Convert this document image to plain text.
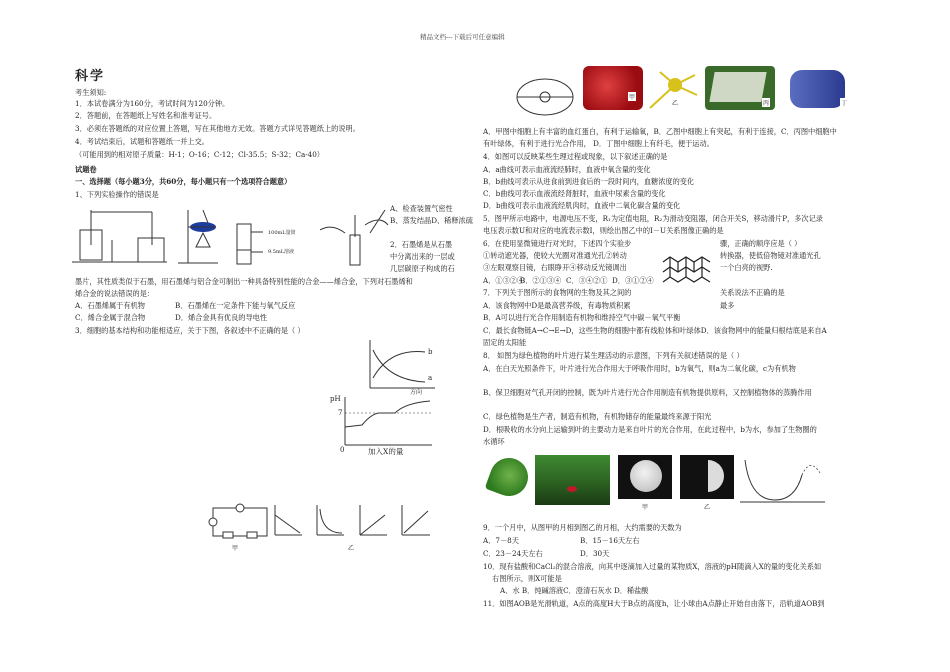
精品文档---下载后可任意编辑
科学
考生须知:
1．本试卷满分为160分，考试时间为120分钟。
2．答题前，在答题纸上写姓名和准考证号。
3．必须在答题纸的对应位置上答题，写在其他地方无效。答题方式详见答题纸上的说明。
4．考试结束后，试题和答题纸一并上交。
（可能用到的相对原子质量：H-1；O-16；C-12；Cl-35.5；S-32；Ca-40）
试题卷
一、选择题（每小题3分，共60分，每小题只有一个选项符合题意）
1、下列实验操作的错误是
100mL量筒
9.5mL溶液
A、检查装置气密性
B、蒸发结晶D、稀释浓硫
2．石墨烯是从石墨
中分离出来的一层或
几层碳原子构成的石
墨片，其性质类似于石墨，用石墨烯与铝合金可制出一种具备特别性能的合金——烯合金，下列对石墨烯和
烯合金的说法错误的是：
A．石墨烯属于有机物	B．石墨烯在一定条件下能与氧气反应
C．烯合金属于混合物	D．烯合金具有优良的导电性
3．细胞的基本结构和功能相适应，关于下图，各叙述中不正确的是（ ）
b
a
方向
pH
7
0	加入X的量
甲	乙
甲
乙	丙	丁
A．甲图中细胞上有丰富的血红蛋白，有利于运输氧，B．乙图中细胞上有突起，有利于连接，C．丙图中细胞中
有叶绿体，有利于进行光合作用， D．丁图中细胞上有纤毛，便于运动。
4．如图可以反映某些生理过程或现象，以下叙述正确的是
A．a曲线可表示血液流经肺时，血液中氧含量的变化
B．b曲线可表示从进食前到进食后的一段时间内，血糖浓度的变化
C．b曲线可表示血液流经肾脏时，血液中尿素含量的变化
D．b曲线可表示血液流经肌肉时，血液中二氧化碳含量的变化
5．图甲所示电路中，电源电压不变，R₁为定值电阻，R₂为滑动变阻器，闭合开关S，移动滑片P，多次记录
电压表示数U和对应的电流表示数I，则绘出图乙中的I－U关系图像正确的是
6．在使用显微镜进行对光时，下述四个实验步
①转动遮光器，使较大光圈对准通光孔②转动
③左眼观察目镜，右眼睁开④移动反光镜调出
骤，正确的顺序应是（ ）
转换器，使低倍物镜对准通光孔
一个白亮的视野.
A．①③②④
B．②①③④ C．③④②① D．③①②④
7．下列关于图所示的食物网的生物及其之间的	关系说法不正确的是
A．该食物网中D是最高营养级，有毒物质积累	最多
B．A可以进行光合作用制造有机物和维持空气中碳－氧气平衡
C．最长食物链A→C→E→D，这些生物的细胞中都有线粒体和叶绿体D．该食物网中的能量归根结底是来自A
固定的太阳能
8． 如图为绿色植物的叶片进行某生理活动的示意图，下列有关叙述错误的是（ ）
A．在白天光照条件下，叶片进行光合作用大于呼吸作用时，b为氧气，则a为二氧化碳，c为有机物
B、保卫细胞对气孔开闭的控制，既为叶片进行光合作用制造有机物提供原料，又控制植物体的蒸腾作用
C．绿色植物是生产者，制造有机物，有机物储存的能量最终来源于阳光
D．根吸收的水分向上运输到叶的主要动力是来自叶片的光合作用，在此过程中，b为水，参加了生物圈的
水循环
甲	乙
9．一个月中，从图甲的月相到图乙的月相，大约需要的天数为
A．7－8天	B．15－16天左右
C．23－24天左右	D．30天
10．现有盐酸和CaCl₂的混合溶液，向其中逐滴加入过量的某物质X，溶液的pH随滴入X的量的变化关系如
右图所示，则X可能是
A．水 B．纯碱溶液C．澄清石灰水 D．稀盐酸
11．如图AOB是光滑轨道，A点的高度H大于B点的高度h，让小球由A点静止开始自由落下，沿轨道AOB到
